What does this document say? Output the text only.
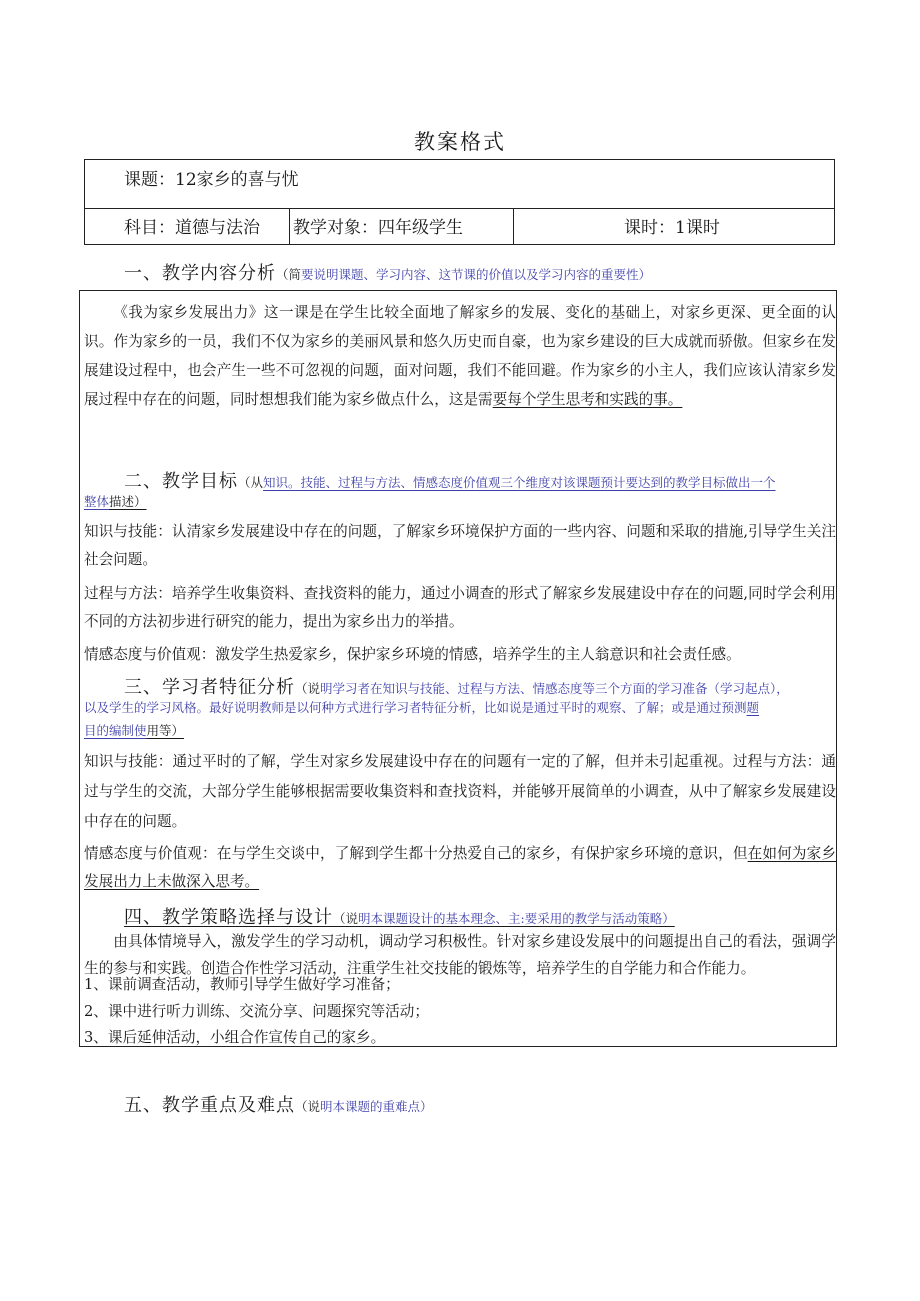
教案格式
课题：12家乡的喜与忧
科目：道德与法治 教学对象：四年级学生	课时：1课时
一、教学内容分析（简要说明课题、学习内容、这节课的价值以及学习内容的重要性）
《我为家乡发展出力》这一课是在学生比较全面地了解家乡的发展、变化的基础上，对家乡更深、更全面的认识。作为家乡的一员，我们不仅为家乡的美丽风景和悠久历史而自豪，也为家乡建设的巨大成就而骄傲。但家乡在发展建设过程中，也会产生一些不可忽视的问题，面对问题，我们不能回避。作为家乡的小主人，我们应该认清家乡发展过程中存在的问题，同时想想我们能为家乡做点什么，这是需要每个学生思考和实践的事。
二、教学目标（从知识。技能、过程与方法、情感态度价值观三个维度对该课题预计要达到的教学目标做出一个
整体描述）
知识与技能：认清家乡发展建设中存在的问题，了解家乡环境保护方面的一些内容、问题和采取的措施,引导学生关注社会问题。
过程与方法：培养学生收集资料、查找资料的能力，通过小调查的形式了解家乡发展建设中存在的问题,同时学会利用不同的方法初步进行研究的能力，提出为家乡出力的举措。
情感态度与价值观：激发学生热爱家乡，保护家乡环境的情感，培养学生的主人翁意识和社会责任感。
三、学习者特征分析（说明学习者在知识与技能、过程与方法、情感态度等三个方面的学习准备（学习起点），
以及学生的学习风格。最好说明教师是以何种方式进行学习者特征分析，比如说是通过平时的观察、了解；或是通过预测题
目的编制使用等）
知识与技能：通过平时的了解，学生对家乡发展建设中存在的问题有一定的了解，但并未引起重视。过程与方法：通过与学生的交流，大部分学生能够根据需要收集资料和查找资料，并能够开展简单的小调查，从中了解家乡发展建设中存在的问题。
情感态度与价值观：在与学生交谈中，了解到学生都十分热爱自己的家乡，有保护家乡环境的意识，但在如何为家乡发展出力上未做深入思考。
四、教学策略选择与设计（说明本课题设计的基本理念、主:要采用的教学与活动策略）
由具体情境导入，激发学生的学习动机，调动学习积极性。针对家乡建设发展中的问题提出自己的看法，强调学生的参与和实践。创造合作性学习活动，注重学生社交技能的锻炼等，培养学生的自学能力和合作能力。
1、课前调查活动，教师引导学生做好学习准备；
2、课中进行听力训练、交流分享、问题探究等活动；
3、课后延伸活动，小组合作宣传自己的家乡。
五、教学重点及难点（说明本课题的重难点）
